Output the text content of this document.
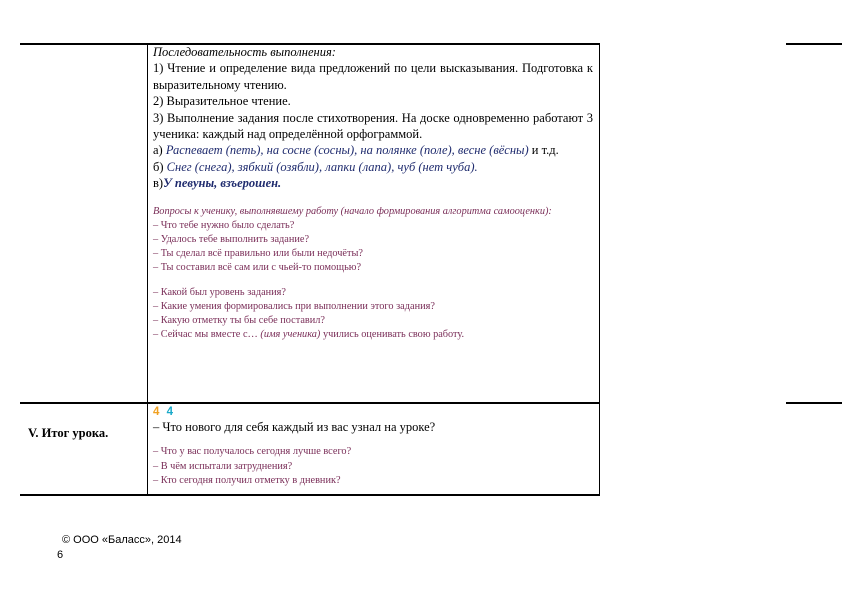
Последовательность выполнения:

1) Чтение и определение вида предложений по цели высказывания. Подготовка к выразительному чтению.

2) Выразительное чтение.

3) Выполнение задания после стихотворения. На доске одновременно работают 3 ученика: каждый над определённой орфограммой.

а) Распевает (петь), на сосне (сосны), на полянке (поле), весне (вёсны) и т.д.

б) Снег (снега), зябкий (озябли), лапки (лапа), чуб (нет чуба).

в)У певуны, взъерошен.

Вопросы к ученику, выполнявшему работу (начало формирования алгоритма самооценки):

– Что тебе нужно было сделать?

– Удалось тебе выполнить задание?

– Ты сделал всё правильно или были недочёты?

– Ты составил всё сам или с чьей-то помощью?

– Какой был уровень задания?

– Какие умения формировались при выполнении этого задания?

– Какую отметку ты бы себе поставил?

– Сейчас мы вместе с… (имя ученика) учились оценивать свою работу.

V. Итог урока.

4 4

– Что нового для себя каждый из вас узнал на уроке?

– Что у вас получалось сегодня лучше всего?

– В чём испытали затруднения?

– Кто сегодня получил отметку в дневник?

© ООО «Баласс», 2014
6
